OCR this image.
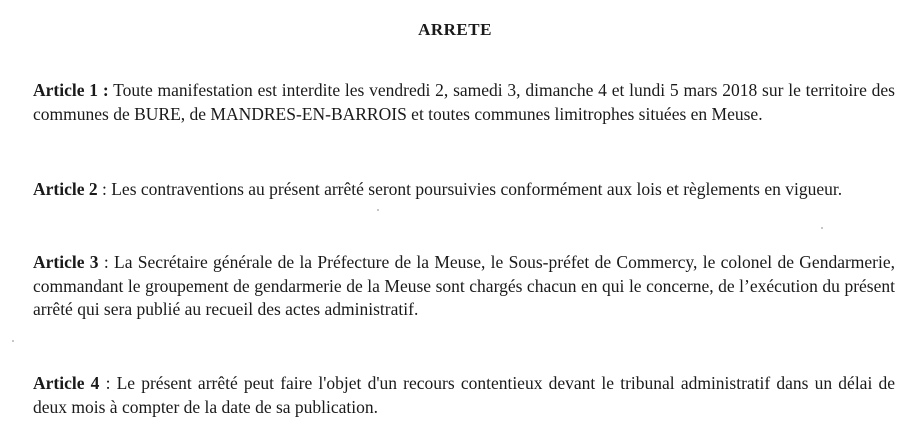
ARRETE

Article 1 : Toute manifestation est interdite les vendredi 2, samedi 3, dimanche 4 et lundi 5 mars 2018 sur le territoire des communes de BURE, de MANDRES-EN-BARROIS et toutes communes limitrophes situées en Meuse.

Article 2 : Les contraventions au présent arrêté seront poursuivies conformément aux lois et règlements en vigueur.

Article 3 : La Secrétaire générale de la Préfecture de la Meuse, le Sous-préfet de Commercy, le colonel de Gendarmerie, commandant le groupement de gendarmerie de la Meuse sont chargés chacun en qui le concerne, de l’exécution du présent arrêté qui sera publié au recueil des actes administratif.

Article 4 : Le présent arrêté peut faire l'objet d'un recours contentieux devant le tribunal administratif dans un délai de deux mois à compter de la date de sa publication.
